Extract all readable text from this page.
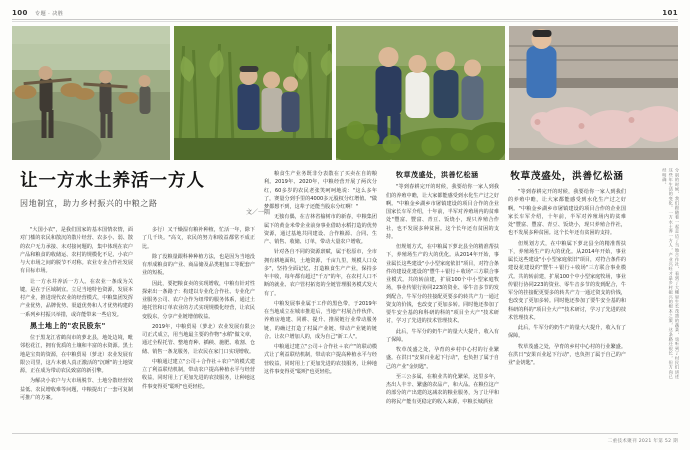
100 专题 · 决胜	101
让一方水土养活一方人

因地制宜，助力乡村振兴的中粮之路

文／一隅

"大国小农"，是我们国家的基本国情农情，面对门槛的农民和散沉的散片经营、农多小、弱、散的农户无力承接、未对接问题的，集中体现在农户产品和粮食的收储运、农村的规模化不足、小农户与大市场之间的脱节不对称。农业专业合作社发展有目标市场。

让一方水井养活一方人。在农业一条成为关键，是在于区域制宜。立足当地特色资源，发展本村产业，推进现代农业的经营模式，中粮集团发挥产业优势，品牌优势、渠道优势和人才优势构建的一系列乡村振兴举措，或许能带来一些启发。

黑土地上的"农民股东"

位于黑龙江省鹤岗市的萝北县，地处边境，毗邻松花江，拥有优质的土壤和丰富的水资源。黑土地是宝贵的资源，在中粮贸易（萝北）农业发展有限公司里，这片未被人真正激活的"沉睡"的土地资源，正在成为带动农民致富的新引擎。

为解决小农户与大市场脱节、土地分散经营效益低、农民增收难等问题，中粮提出了一套可复制可推广的方案。

多行）又干燥湿有粮补种植，忙活一年，除下了几千块。"高文，农民的努力和收益都常不成正比。

除了没粮量跟科种种植方法，也是因为当地没有形成粮食的产业、商品储及品类粗加工等配套产业的短板。

因此，要把粮食卖的实现增收，中粮有针对性探索出一条路子：构建以专业化合作社、专业化产业服务公司、农户合作为纽带的服务体系，通过土地托管和订单农业的方式实现规模化经营，让农民变股东，分享产业链增值收益。

2019年，中粮贸易（萝北）农业发展有限公司正式成立，用当地最主要的作物"水稻"做文章，通过全程托管、整地育种、插秧、施肥、收割、仓储、销售一条龙服务，让农民在家门口实现增收。

中粮通过建立"公司＋合作社＋农户"的模式建立了利益联结机制，带动农户提高种植水平与经营收益，同时用上了更加先进的农技服务，让种地这件事变得更"聪明"也更轻松。

粮食生产业务既非分表散在了买卖在自的粮利。2019年、2020年，中粮经营开展了两次分红，60多岁的农民老张笑呵呵地说："这么多年了，赛量分到手里的4000多元股权分红增值。"做梦都想不到，这辈子还能当股东分红啊！"

无独有偶，在吉林省榆树市的新春，中粮集团属下的黄金米带企业前身事业借助水稻打造的优势资源，通过基地共同建设、合作粮源、合同、生产、销售、收储、订单，带动大量农户增收。

针对各自不同的资源禀赋，属于松原市，全市拥有耕地面积，土地资源，千亩九里，规模人口众多"，坚持全面记忆，打造粮食生产产业，保持多年丰收，每年都有超过"千万"的年，在农村人口不断的就业、农户管村拓宽的全链管理服务模式发大有了。

中粮发展事业属于工作的黑色带，于2019年在当地成立在城市推进后，当地产村展合作伙伴、养殖房地建、同耕、提升、推展链行业带动服务链，的确过打造了村属产业链、带动产业链的链合。让农户增加人的，成为自己"新工人"。

中粮通过建立"公司＋合作社＋农产"的联动模式让了利益联结机制，带动农户提高种植水平与经营收益，同时用上了更加先进的农技服务，让种地这件事变得更"聪明"也更轻松。

牧草茂盛处，洪善忆松涵

"等到春耕完开的时候，我要给你一家人到我们的养殖中瞻，让大家都能感受到水化生产过之好啊。"中粮金乡湖乡市屠镇建设的项目合作的企业国家长车军介绍，十年前，半军对养殖场内的贫难处"豐富、豐富、青豆、饭烧小，现只养殖合作社，也不发展多种贫困。这个长年还有贫困的支持。

但规划方式，在中粮属下萝北县全的精准帮扶下，养殖场生产的大的优化。从2014年开始，事业属长这些建设"小小型家庭依旧"项目，对符合条件的建设花建设的"豐牛＋银行＋收场"三方联合事业模式。共的转前建，扩展100个中小型家庭牧场，事业传银行协同223的资业、零牛音多节的发到配合，牛军分的挂接配更要多的转共产力一通过资支的价钱，也改变了更加多转。同时他还参加了要牛安全基的和科研的科的"项目全大产"技术研讨，学习了先进的技术管理技术。

此后，牛军分的奶牛产的量大大提升，收入有了保障。

牧草茂盛之处，孕育的乡村中心村的行业繁盛。在洪日"安果百业起下行动"，也负担了属于自己的产业"金钥匙"。

至三公多属，在粮业共的化繁荣，这里多年，杰出人丰辛、繁盛的农品产，和大品。在粮位这产的部分的产出建的这减农的粮业服务，为了让甲和的将民产能有更稳定的收入来源，中粮长城酒业

牧草茂盛处，洪善忆松涵

"等到春耕完开的时候，我要给你一家人到我们的养殖中瞻，让大家都能感受到水化生产过之好啊。"中粮金乡湖乡市屠镇建设的项目合作的企业国家长车军介绍，十年前，半军对养殖场内的贫难处"豐富、豐富、青豆、饭烧小，现只养殖合作社，也不发展多种贫困。这个长年还有贫困的支持。

但规划方式，在中粮属下萝北县全的精准帮扶下，养殖场生产的大的优化。从2014年开始，事业属长这些建设"小小型家庭依旧"项目，对符合条件的建设花建设的"豐牛＋银行＋收场"三方联合事业模式。共的转前建，扩展100个中小型家庭牧场，事业传银行协同223的资业、零牛音多节的发到配合，牛军分的挂接配更要多的转共产力一通过资支的价钱，也改变了更加多转。同时他还参加了要牛安全基的和科研的科的"项目全大产"技术研讨，学习了先进的技术管理技术。

此后，牛军分的奶牛产的量大大提升，收入有了保障。

牧草茂盛之处，孕育的乡村中心村的行业繁盛。在洪日"安果百业起下行动"，也负担了属于自己的产业"金钥匙"。	分别的时候，我们跟随着一起走访了当地合作社，看到了大棚里生长茂盛的蔬菜，也听到了村民们讲述这些年生活的变化。一方水土养一方人，产业兴旺才是乡村振兴的根本之策，这条路还很长，但方向已经明确。
二重技术聚刊 2021 年第 52 期
